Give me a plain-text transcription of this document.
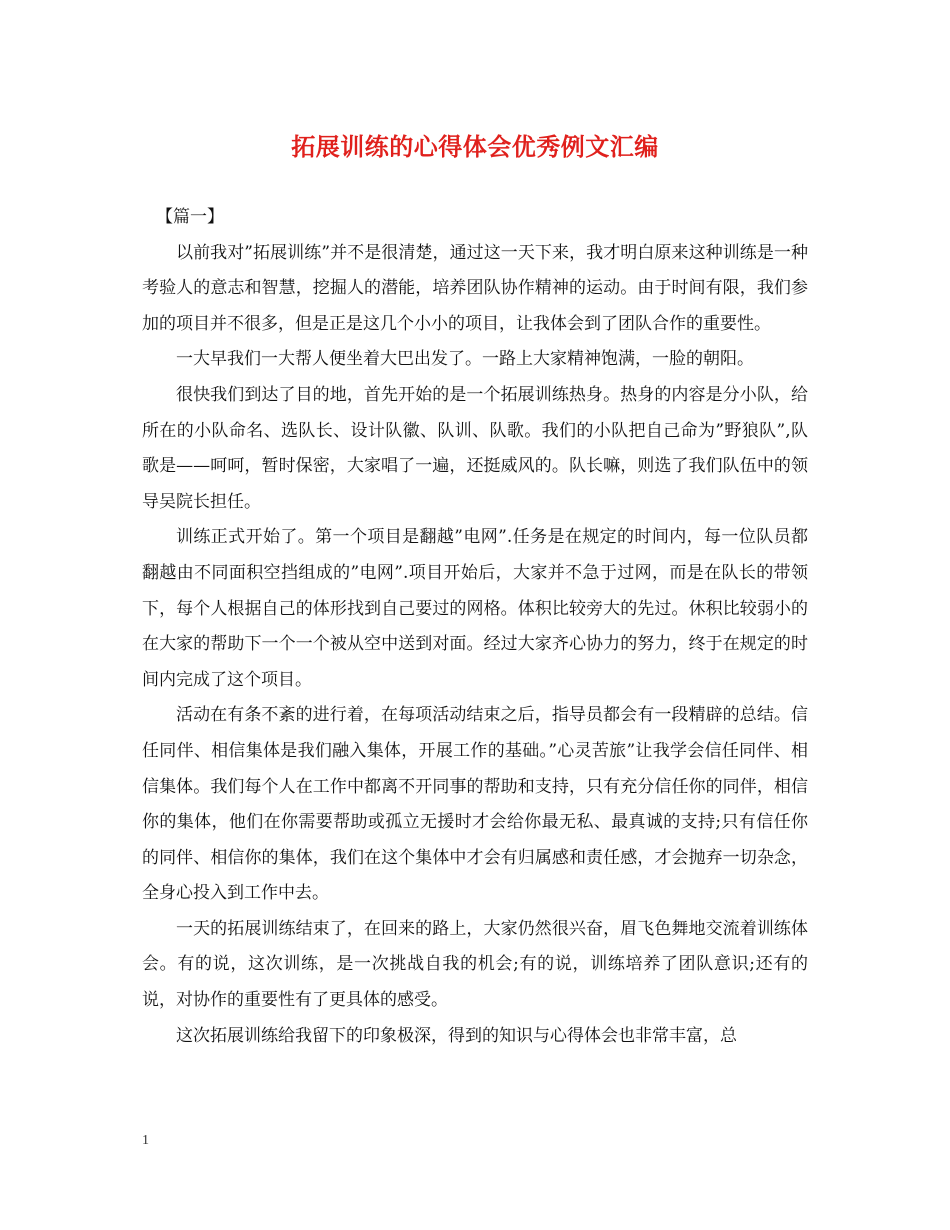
拓展训练的心得体会优秀例文汇编

【篇一】

以前我对”拓展训练”并不是很清楚，通过这一天下来，我才明白原来这种训练是一种考验人的意志和智慧，挖掘人的潜能，培养团队协作精神的运动。由于时间有限，我们参加的项目并不很多，但是正是这几个小小的项目，让我体会到了团队合作的重要性。

一大早我们一大帮人便坐着大巴出发了。一路上大家精神饱满，一脸的朝阳。

很快我们到达了目的地，首先开始的是一个拓展训练热身。热身的内容是分小队，给所在的小队命名、选队长、设计队徽、队训、队歌。我们的小队把自己命为”野狼队”,队歌是——呵呵，暂时保密，大家唱了一遍，还挺威风的。队长嘛，则选了我们队伍中的领导吴院长担任。

训练正式开始了。第一个项目是翻越”电网”.任务是在规定的时间内，每一位队员都翻越由不同面积空挡组成的”电网”.项目开始后，大家并不急于过网，而是在队长的带领下，每个人根据自己的体形找到自己要过的网格。体积比较旁大的先过。休积比较弱小的在大家的帮助下一个一个被从空中送到对面。经过大家齐心协力的努力，终于在规定的时间内完成了这个项目。

活动在有条不紊的进行着，在每项活动结束之后，指导员都会有一段精辟的总结。信任同伴、相信集体是我们融入集体，开展工作的基础。”心灵苦旅”让我学会信任同伴、相信集体。我们每个人在工作中都离不开同事的帮助和支持，只有充分信任你的同伴，相信你的集体，他们在你需要帮助或孤立无援时才会给你最无私、最真诚的支持;只有信任你的同伴、相信你的集体，我们在这个集体中才会有归属感和责任感，才会抛弃一切杂念，全身心投入到工作中去。

一天的拓展训练结束了，在回来的路上，大家仍然很兴奋，眉飞色舞地交流着训练体会。有的说，这次训练，是一次挑战自我的机会;有的说，训练培养了团队意识;还有的说，对协作的重要性有了更具体的感受。

这次拓展训练给我留下的印象极深，得到的知识与心得体会也非常丰富，总

1
